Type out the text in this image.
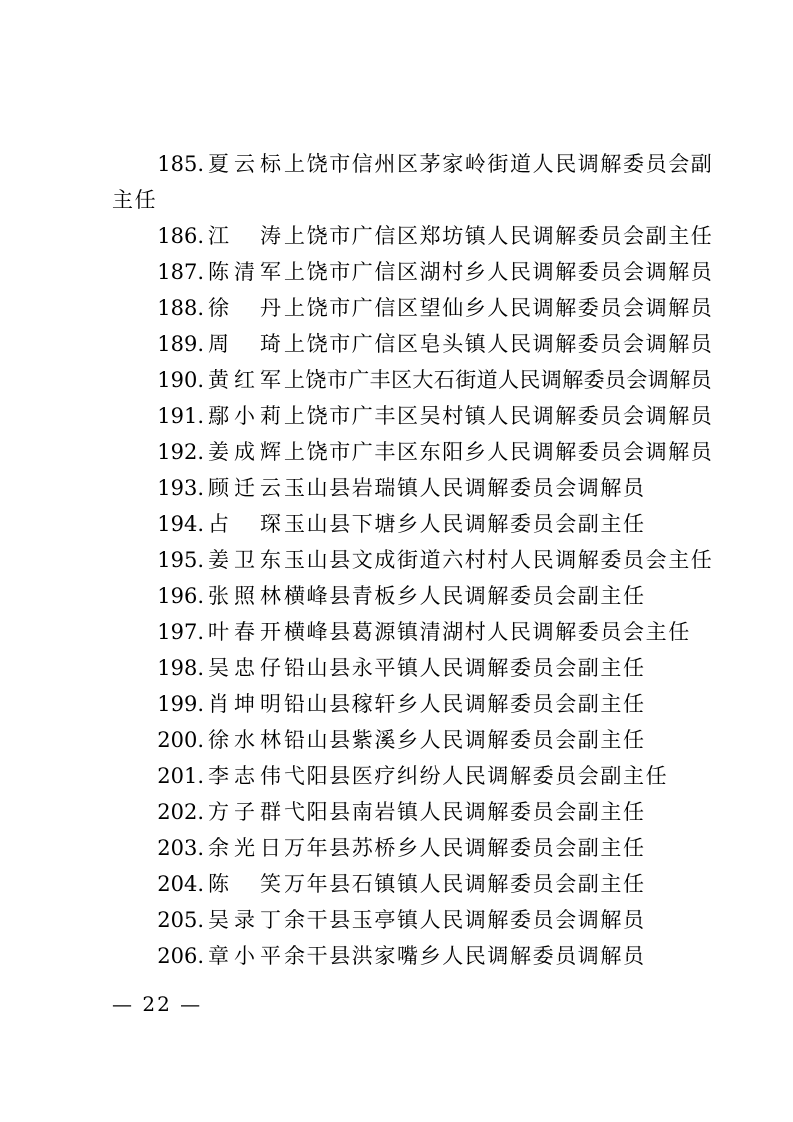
185. 夏云标 上饶市信州区茅家岭街道人民调解委员会副
主任
186. 江　涛 上饶市广信区郑坊镇人民调解委员会副主任
187. 陈清军 上饶市广信区湖村乡人民调解委员会调解员
188. 徐　丹 上饶市广信区望仙乡人民调解委员会调解员
189. 周　琦 上饶市广信区皂头镇人民调解委员会调解员
190. 黄红军 上饶市广丰区大石街道人民调解委员会调解员
191. 鄢小莉 上饶市广丰区吴村镇人民调解委员会调解员
192. 姜成辉 上饶市广丰区东阳乡人民调解委员会调解员
193. 顾迁云 玉山县岩瑞镇人民调解委员会调解员
194. 占　琛 玉山县下塘乡人民调解委员会副主任
195. 姜卫东 玉山县文成街道六村村人民调解委员会主任
196. 张照林 横峰县青板乡人民调解委员会副主任
197. 叶春开 横峰县葛源镇清湖村人民调解委员会主任
198. 吴忠仔 铅山县永平镇人民调解委员会副主任
199. 肖坤明 铅山县稼轩乡人民调解委员会副主任
200. 徐水林 铅山县紫溪乡人民调解委员会副主任
201. 李志伟 弋阳县医疗纠纷人民调解委员会副主任
202. 方子群 弋阳县南岩镇人民调解委员会副主任
203. 余光日 万年县苏桥乡人民调解委员会副主任
204. 陈　笑 万年县石镇镇人民调解委员会副主任
205. 吴录丁 余干县玉亭镇人民调解委员会调解员
206. 章小平 余干县洪家嘴乡人民调解委员调解员
— 22 —
